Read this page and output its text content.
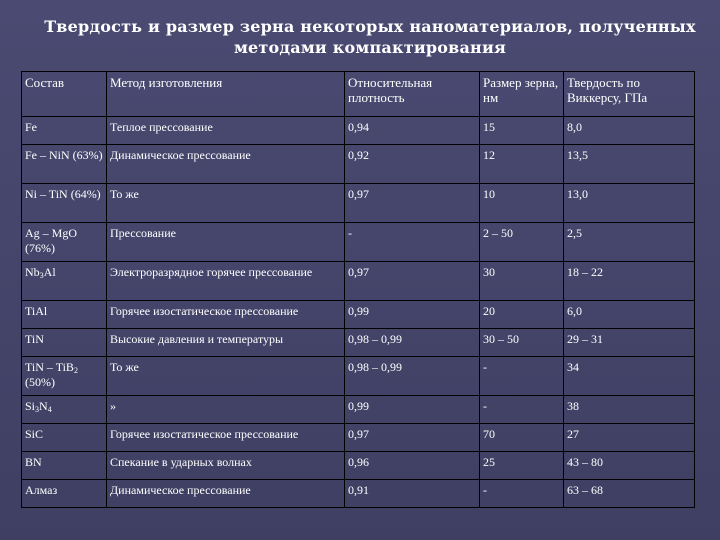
Твердость и размер зерна некоторых наноматериалов, полученных
методами компактирования
Состав	Метод изготовления	Относительная плотность	Размер зерна, нм	Твердость по Виккерсу, ГПа
Fe	Теплое прессование	0,94	15	8,0
Fe – NiN (63%)	Динамическое прессование	0,92	12	13,5
Ni – TiN (64%)	То же	0,97	10	13,0
Ag – MgO (76%)	Прессование	-	2 – 50	2,5
$Nb_3Al$	Электроразрядное горячее прессование	0,97	30	18 – 22
TiAl	Горячее изостатическое прессование	0,99	20	6,0
TiN	Высокие давления и температуры	0,98 – 0,99	30 – 50	29 – 31
TiN – TiB$_2$ (50%)	То же	0,98 – 0,99	-	34
$Si_3N_4$	»	0,99	-	38
SiC	Горячее изостатическое прессование	0,97	70	27
BN	Спекание в ударных волнах	0,96	25	43 – 80
Алмаз	Динамическое прессование	0,91	-	63 – 68
